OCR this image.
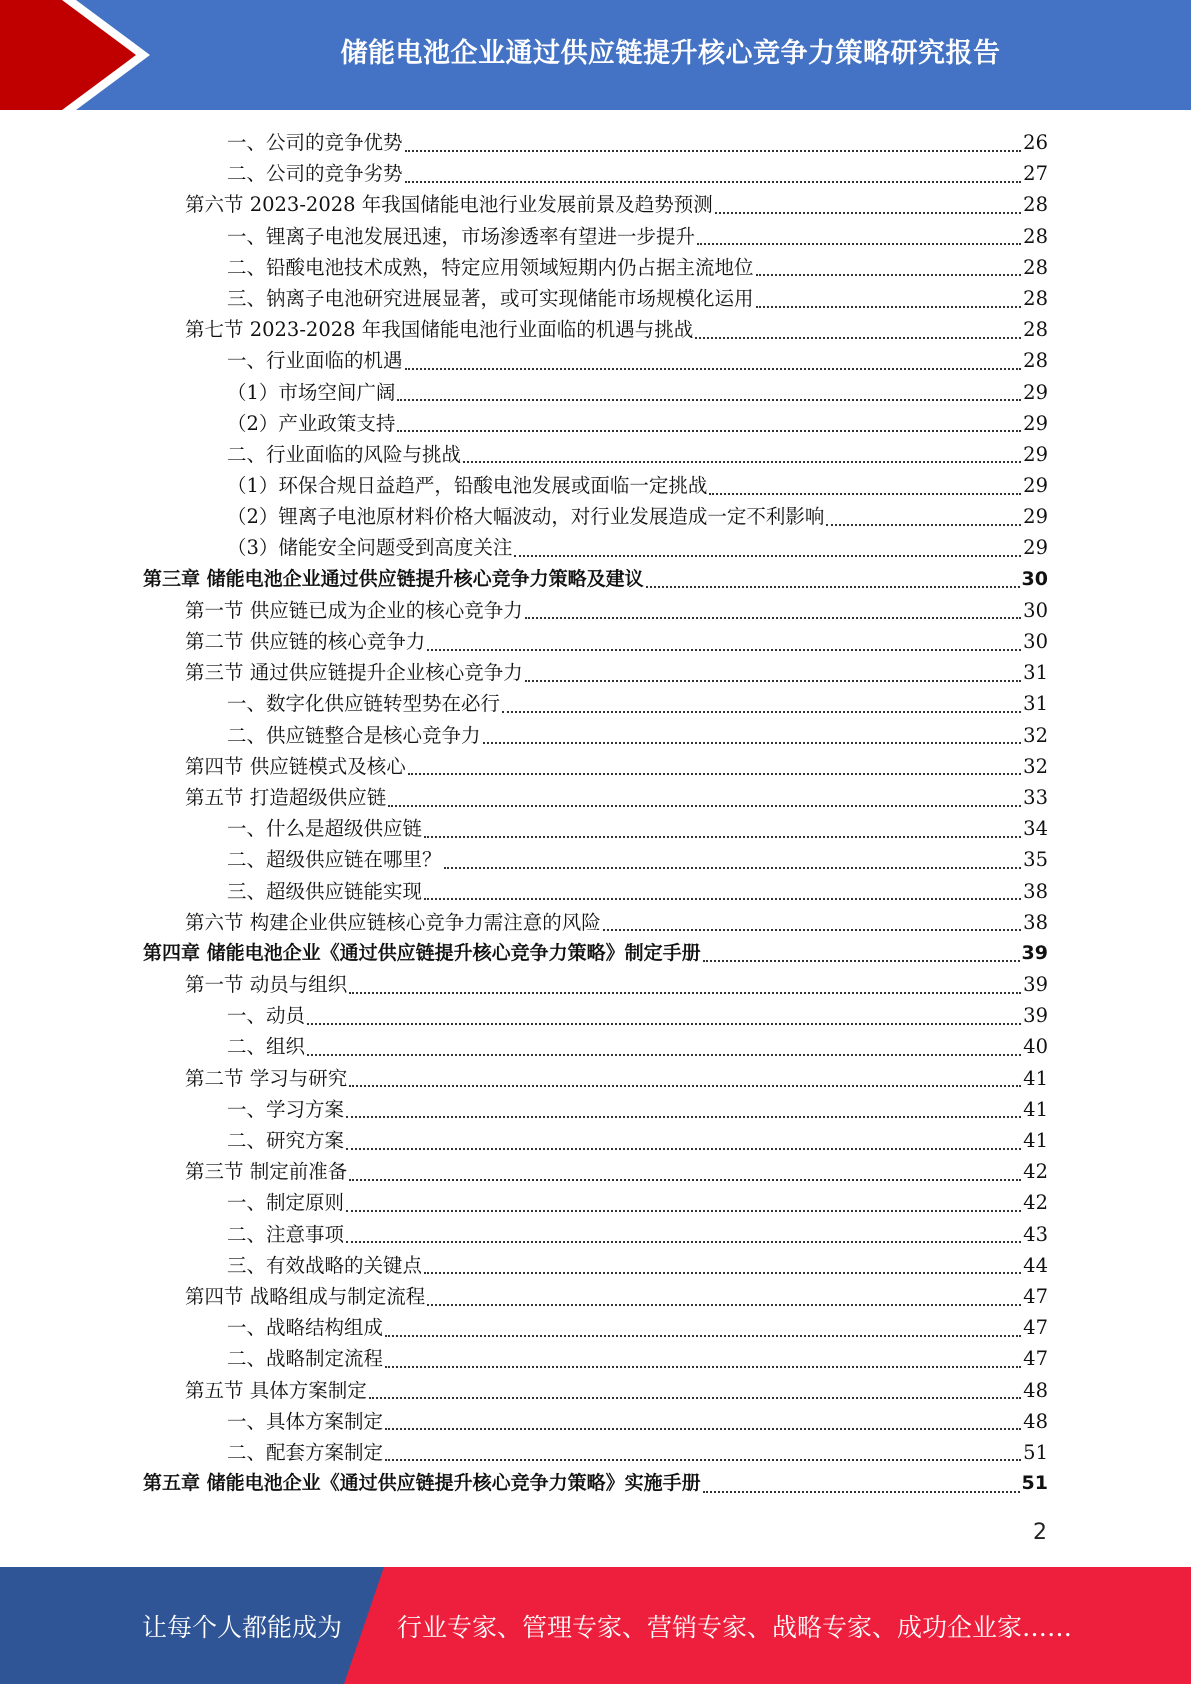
储能电池企业通过供应链提升核心竞争力策略研究报告
一、公司的竞争优势	26
二、公司的竞争劣势	27
第六节 2023-2028 年我国储能电池行业发展前景及趋势预测	28
一、锂离子电池发展迅速，市场渗透率有望进一步提升	28
二、铅酸电池技术成熟，特定应用领域短期内仍占据主流地位	28
三、钠离子电池研究进展显著，或可实现储能市场规模化运用	28
第七节 2023-2028 年我国储能电池行业面临的机遇与挑战	28
一、行业面临的机遇	28
（1）市场空间广阔	29
（2）产业政策支持	29
二、行业面临的风险与挑战	29
（1）环保合规日益趋严，铅酸电池发展或面临一定挑战	29
（2）锂离子电池原材料价格大幅波动，对行业发展造成一定不利影响	29
（3）储能安全问题受到高度关注	29
第三章 储能电池企业通过供应链提升核心竞争力策略及建议	30
第一节 供应链已成为企业的核心竞争力	30
第二节 供应链的核心竞争力	30
第三节 通过供应链提升企业核心竞争力	31
一、数字化供应链转型势在必行	31
二、供应链整合是核心竞争力	32
第四节 供应链模式及核心	32
第五节 打造超级供应链	33
一、什么是超级供应链	34
二、超级供应链在哪里？	35
三、超级供应链能实现	38
第六节 构建企业供应链核心竞争力需注意的风险	38
第四章 储能电池企业《通过供应链提升核心竞争力策略》制定手册	39
第一节 动员与组织	39
一、动员	39
二、组织	40
第二节 学习与研究	41
一、学习方案	41
二、研究方案	41
第三节 制定前准备	42
一、制定原则	42
二、注意事项	43
三、有效战略的关键点	44
第四节 战略组成与制定流程	47
一、战略结构组成	47
二、战略制定流程	47
第五节 具体方案制定	48
一、具体方案制定	48
二、配套方案制定	51
第五章 储能电池企业《通过供应链提升核心竞争力策略》实施手册	51
2
让每个人都能成为 行业专家、管理专家、营销专家、战略专家、成功企业家……
